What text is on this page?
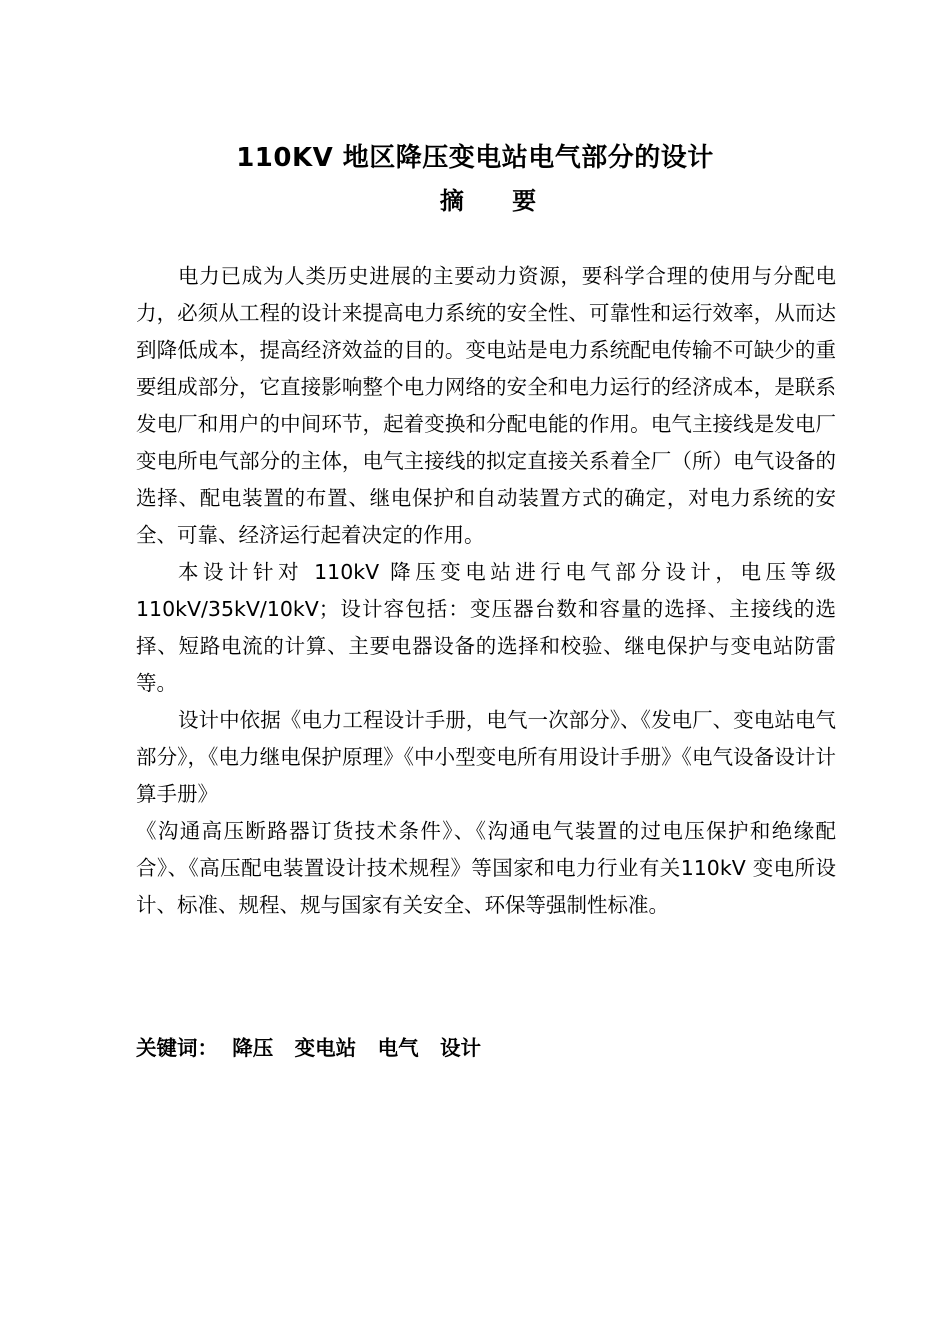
110KV 地区降压变电站电气部分的设计
摘 要

电力已成为人类历史进展的主要动力资源，要科学合理的使用与分配电力，必须从工程的设计来提高电力系统的安全性、可靠性和运行效率，从而达到降低成本，提高经济效益的目的。变电站是电力系统配电传输不可缺少的重要组成部分，它直接影响整个电力网络的安全和电力运行的经济成本，是联系发电厂和用户的中间环节，起着变换和分配电能的作用。电气主接线是发电厂变电所电气部分的主体，电气主接线的拟定直接关系着全厂（所）电气设备的选择、配电装置的布置、继电保护和自动装置方式的确定，对电力系统的安全、可靠、经济运行起着决定的作用。

本设计针对 110kV 降压变电站进行电气部分设计，电压等级110kV/35kV/10kV；设计容包括：变压器台数和容量的选择、主接线的选择、短路电流的计算、主要电器设备的选择和校验、继电保护与变电站防雷等。

设计中依据《电力工程设计手册，电气一次部分》、《发电厂、变电站电气部分》，《电力继电保护原理》《中小型变电所有用设计手册》《电气设备设计计算手册》

《沟通高压断路器订货技术条件》、《沟通电气装置的过电压保护和绝缘配合》、《高压配电装置设计技术规程》等国家和电力行业有关110kV 变电所设计、标准、规程、规与国家有关安全、环保等强制性标准。

关键词：  降压   变电站   电气   设计
